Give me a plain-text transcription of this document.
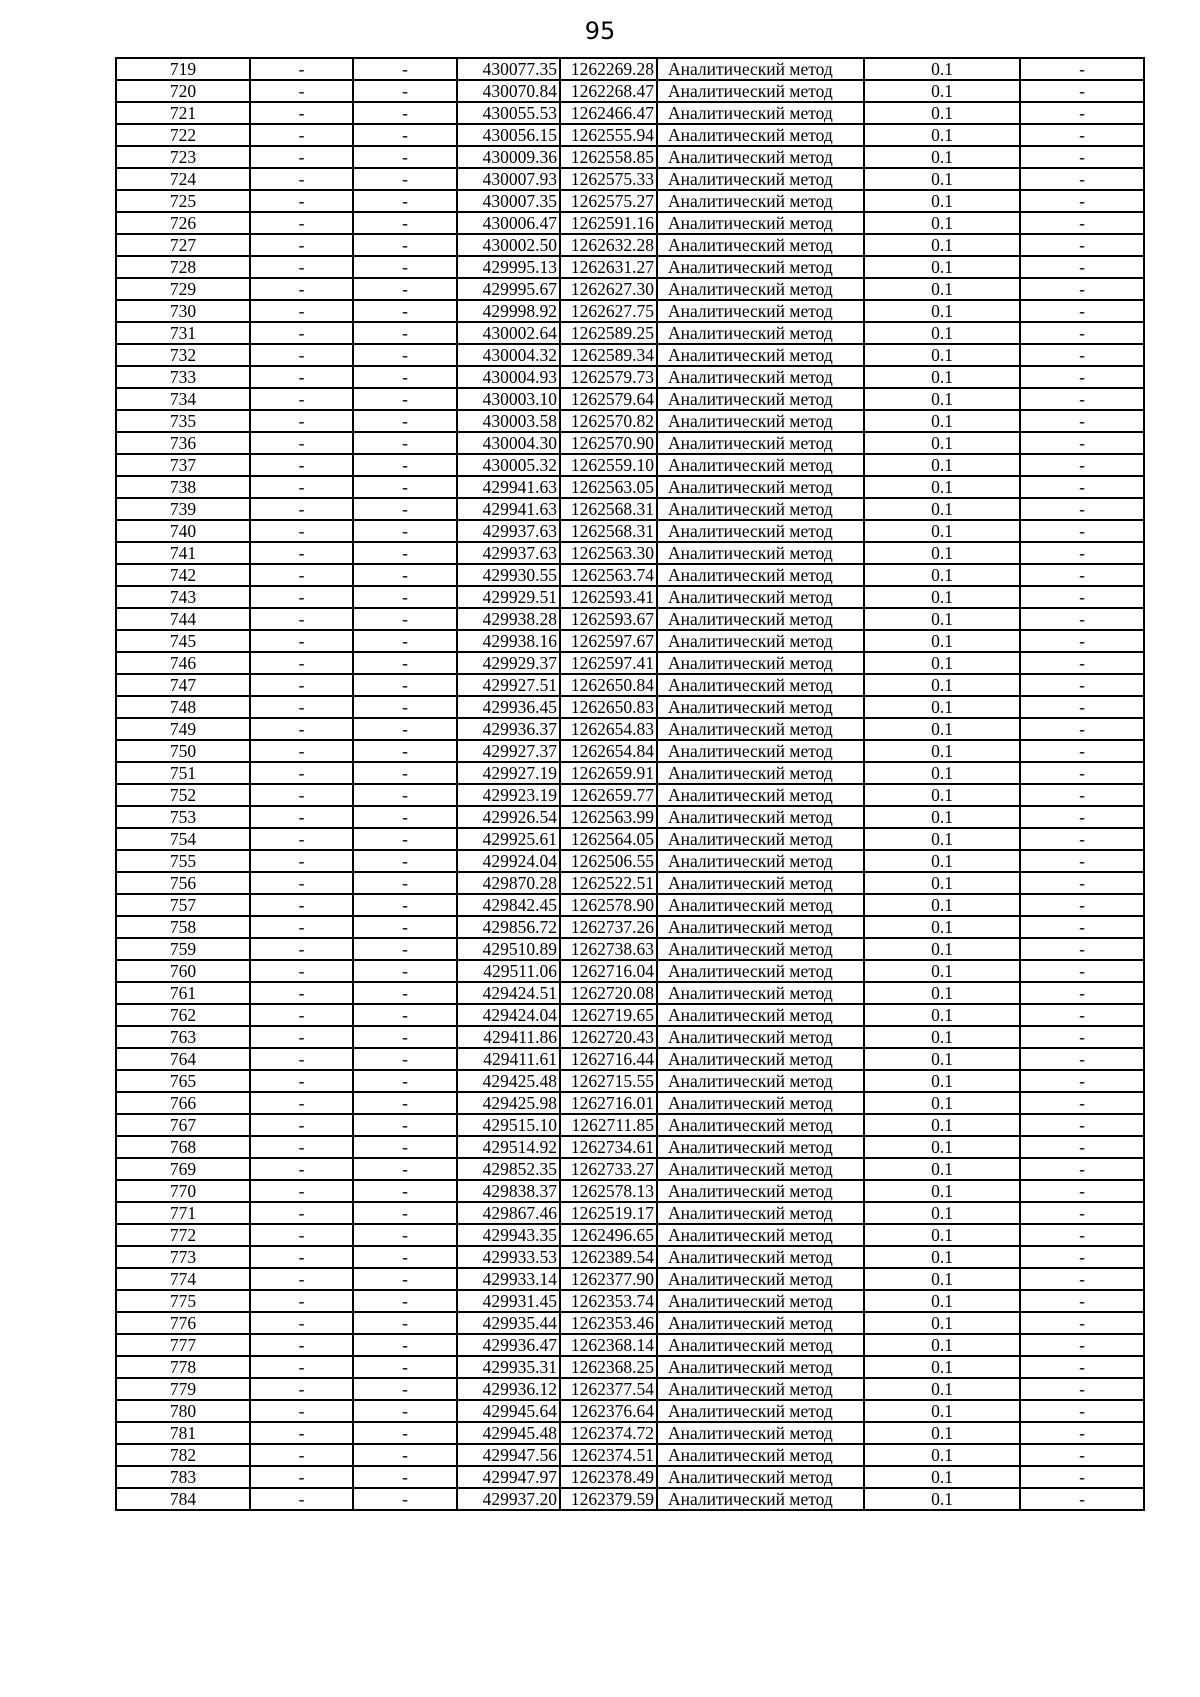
95
719	-	-	430077.35	1262269.28	Аналитический метод	0.1	-
720	-	-	430070.84	1262268.47	Аналитический метод	0.1	-
721	-	-	430055.53	1262466.47	Аналитический метод	0.1	-
722	-	-	430056.15	1262555.94	Аналитический метод	0.1	-
723	-	-	430009.36	1262558.85	Аналитический метод	0.1	-
724	-	-	430007.93	1262575.33	Аналитический метод	0.1	-
725	-	-	430007.35	1262575.27	Аналитический метод	0.1	-
726	-	-	430006.47	1262591.16	Аналитический метод	0.1	-
727	-	-	430002.50	1262632.28	Аналитический метод	0.1	-
728	-	-	429995.13	1262631.27	Аналитический метод	0.1	-
729	-	-	429995.67	1262627.30	Аналитический метод	0.1	-
730	-	-	429998.92	1262627.75	Аналитический метод	0.1	-
731	-	-	430002.64	1262589.25	Аналитический метод	0.1	-
732	-	-	430004.32	1262589.34	Аналитический метод	0.1	-
733	-	-	430004.93	1262579.73	Аналитический метод	0.1	-
734	-	-	430003.10	1262579.64	Аналитический метод	0.1	-
735	-	-	430003.58	1262570.82	Аналитический метод	0.1	-
736	-	-	430004.30	1262570.90	Аналитический метод	0.1	-
737	-	-	430005.32	1262559.10	Аналитический метод	0.1	-
738	-	-	429941.63	1262563.05	Аналитический метод	0.1	-
739	-	-	429941.63	1262568.31	Аналитический метод	0.1	-
740	-	-	429937.63	1262568.31	Аналитический метод	0.1	-
741	-	-	429937.63	1262563.30	Аналитический метод	0.1	-
742	-	-	429930.55	1262563.74	Аналитический метод	0.1	-
743	-	-	429929.51	1262593.41	Аналитический метод	0.1	-
744	-	-	429938.28	1262593.67	Аналитический метод	0.1	-
745	-	-	429938.16	1262597.67	Аналитический метод	0.1	-
746	-	-	429929.37	1262597.41	Аналитический метод	0.1	-
747	-	-	429927.51	1262650.84	Аналитический метод	0.1	-
748	-	-	429936.45	1262650.83	Аналитический метод	0.1	-
749	-	-	429936.37	1262654.83	Аналитический метод	0.1	-
750	-	-	429927.37	1262654.84	Аналитический метод	0.1	-
751	-	-	429927.19	1262659.91	Аналитический метод	0.1	-
752	-	-	429923.19	1262659.77	Аналитический метод	0.1	-
753	-	-	429926.54	1262563.99	Аналитический метод	0.1	-
754	-	-	429925.61	1262564.05	Аналитический метод	0.1	-
755	-	-	429924.04	1262506.55	Аналитический метод	0.1	-
756	-	-	429870.28	1262522.51	Аналитический метод	0.1	-
757	-	-	429842.45	1262578.90	Аналитический метод	0.1	-
758	-	-	429856.72	1262737.26	Аналитический метод	0.1	-
759	-	-	429510.89	1262738.63	Аналитический метод	0.1	-
760	-	-	429511.06	1262716.04	Аналитический метод	0.1	-
761	-	-	429424.51	1262720.08	Аналитический метод	0.1	-
762	-	-	429424.04	1262719.65	Аналитический метод	0.1	-
763	-	-	429411.86	1262720.43	Аналитический метод	0.1	-
764	-	-	429411.61	1262716.44	Аналитический метод	0.1	-
765	-	-	429425.48	1262715.55	Аналитический метод	0.1	-
766	-	-	429425.98	1262716.01	Аналитический метод	0.1	-
767	-	-	429515.10	1262711.85	Аналитический метод	0.1	-
768	-	-	429514.92	1262734.61	Аналитический метод	0.1	-
769	-	-	429852.35	1262733.27	Аналитический метод	0.1	-
770	-	-	429838.37	1262578.13	Аналитический метод	0.1	-
771	-	-	429867.46	1262519.17	Аналитический метод	0.1	-
772	-	-	429943.35	1262496.65	Аналитический метод	0.1	-
773	-	-	429933.53	1262389.54	Аналитический метод	0.1	-
774	-	-	429933.14	1262377.90	Аналитический метод	0.1	-
775	-	-	429931.45	1262353.74	Аналитический метод	0.1	-
776	-	-	429935.44	1262353.46	Аналитический метод	0.1	-
777	-	-	429936.47	1262368.14	Аналитический метод	0.1	-
778	-	-	429935.31	1262368.25	Аналитический метод	0.1	-
779	-	-	429936.12	1262377.54	Аналитический метод	0.1	-
780	-	-	429945.64	1262376.64	Аналитический метод	0.1	-
781	-	-	429945.48	1262374.72	Аналитический метод	0.1	-
782	-	-	429947.56	1262374.51	Аналитический метод	0.1	-
783	-	-	429947.97	1262378.49	Аналитический метод	0.1	-
784	-	-	429937.20	1262379.59	Аналитический метод	0.1	-
